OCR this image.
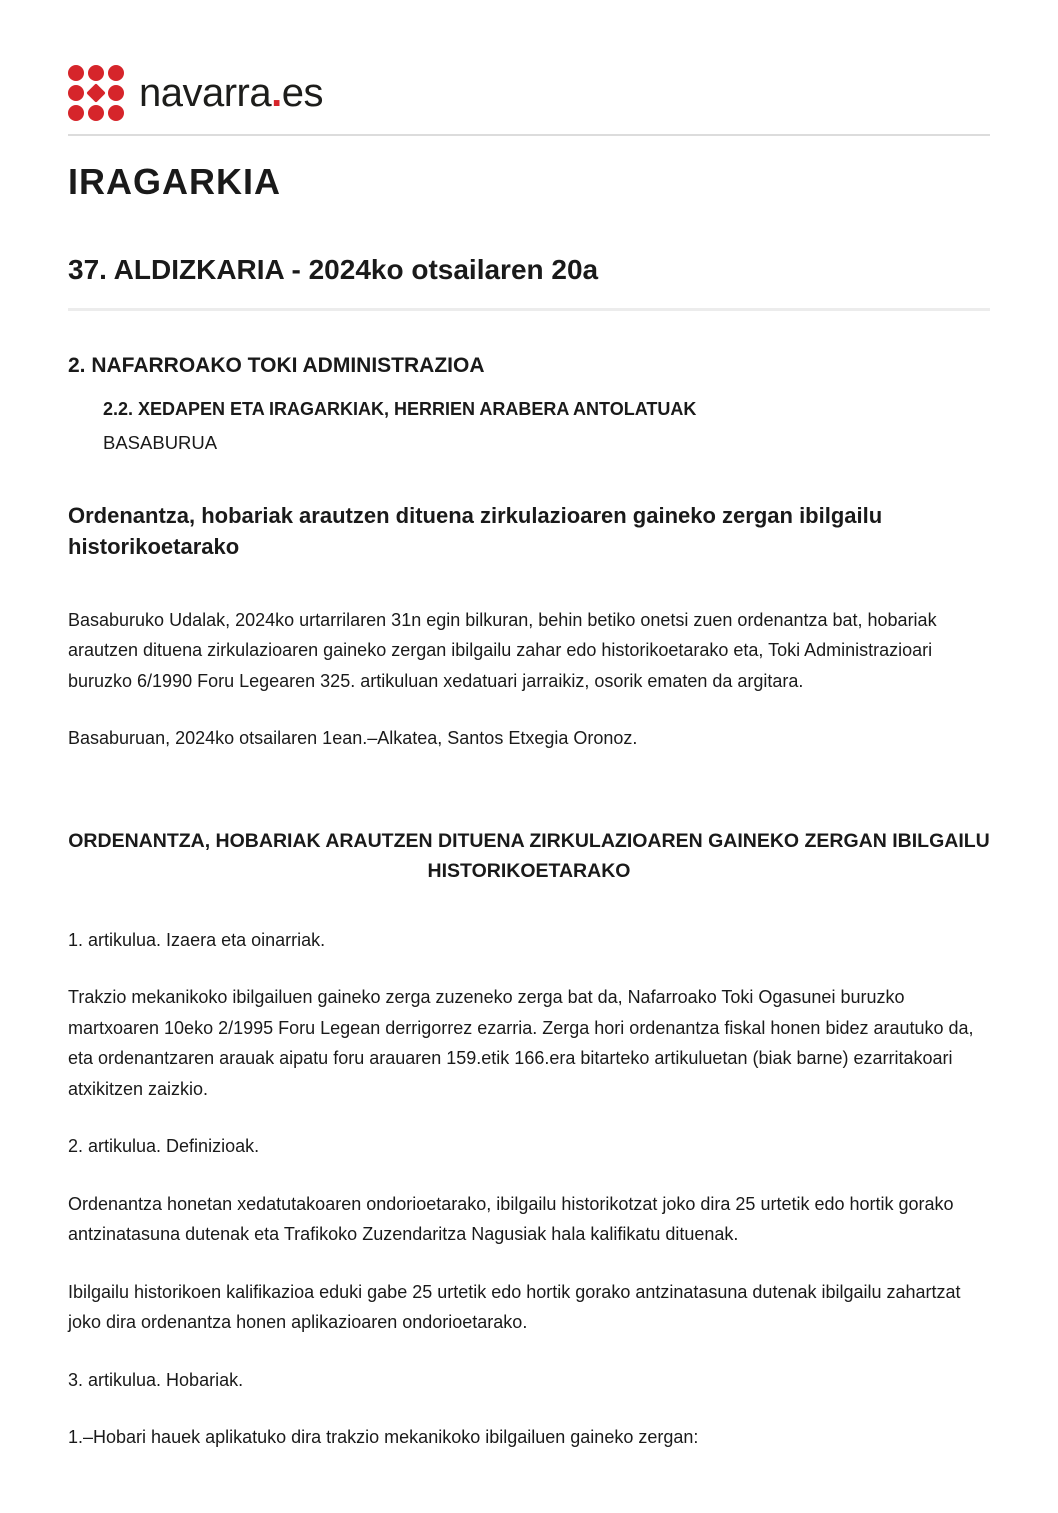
navarra.es
IRAGARKIA
37. ALDIZKARIA - 2024ko otsailaren 20a
2. NAFARROAKO TOKI ADMINISTRAZIOA
2.2. XEDAPEN ETA IRAGARKIAK, HERRIEN ARABERA ANTOLATUAK
BASABURUA
Ordenantza, hobariak arautzen dituena zirkulazioaren gaineko zergan ibilgailu historikoetarako

Basaburuko Udalak, 2024ko urtarrilaren 31n egin bilkuran, behin betiko onetsi zuen ordenantza bat, hobariak arautzen dituena zirkulazioaren gaineko zergan ibilgailu zahar edo historikoetarako eta, Toki Administrazioari buruzko 6/1990 Foru Legearen 325. artikuluan xedatuari jarraikiz, osorik ematen da argitara.

Basaburuan, 2024ko otsailaren 1ean.–Alkatea, Santos Etxegia Oronoz.

ORDENANTZA, HOBARIAK ARAUTZEN DITUENA ZIRKULAZIOAREN GAINEKO ZERGAN IBILGAILU HISTORIKOETARAKO

1. artikulua. Izaera eta oinarriak.

Trakzio mekanikoko ibilgailuen gaineko zerga zuzeneko zerga bat da, Nafarroako Toki Ogasunei buruzko martxoaren 10eko 2/1995 Foru Legean derrigorrez ezarria. Zerga hori ordenantza fiskal honen bidez arautuko da, eta ordenantzaren arauak aipatu foru arauaren 159.etik 166.era bitarteko artikuluetan (biak barne) ezarritakoari atxikitzen zaizkio.

2. artikulua. Definizioak.

Ordenantza honetan xedatutakoaren ondorioetarako, ibilgailu historikotzat joko dira 25 urtetik edo hortik gorako antzinatasuna dutenak eta Trafikoko Zuzendaritza Nagusiak hala kalifikatu dituenak.

Ibilgailu historikoen kalifikazioa eduki gabe 25 urtetik edo hortik gorako antzinatasuna dutenak ibilgailu zahartzat joko dira ordenantza honen aplikazioaren ondorioetarako.

3. artikulua. Hobariak.

1.–Hobari hauek aplikatuko dira trakzio mekanikoko ibilgailuen gaineko zergan:
